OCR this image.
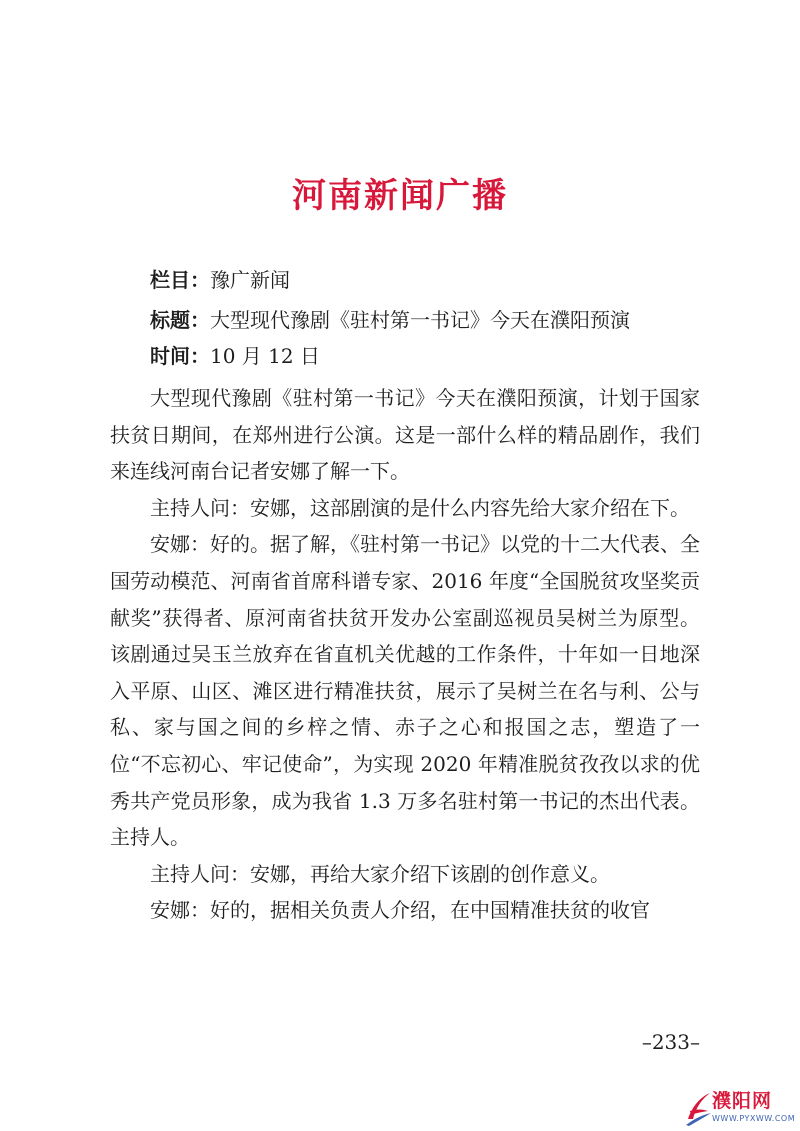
河南新闻广播
栏目：豫广新闻
标题：大型现代豫剧《驻村第一书记》今天在濮阳预演
时间：10 月 12 日

大型现代豫剧《驻村第一书记》今天在濮阳预演，计划于国家扶贫日期间，在郑州进行公演。这是一部什么样的精品剧作，我们来连线河南台记者安娜了解一下。

主持人问：安娜，这部剧演的是什么内容先给大家介绍在下。

安娜：好的。据了解，《驻村第一书记》以党的十二大代表、全国劳动模范、河南省首席科谱专家、2016 年度“全国脱贫攻坚奖贡献奖”获得者、原河南省扶贫开发办公室副巡视员吴树兰为原型。该剧通过吴玉兰放弃在省直机关优越的工作条件，十年如一日地深入平原、山区、滩区进行精准扶贫，展示了吴树兰在名与利、公与私、家与国之间的乡梓之情、赤子之心和报国之志，塑造了一位“不忘初心、牢记使命”，为实现 2020 年精准脱贫孜孜以求的优秀共产党员形象，成为我省 1.3 万多名驻村第一书记的杰出代表。主持人。

主持人问：安娜，再给大家介绍下该剧的创作意义。

安娜：好的，据相关负责人介绍，在中国精准扶贫的收官

–233–
濮阳网
WWW.PYXWW.COM
